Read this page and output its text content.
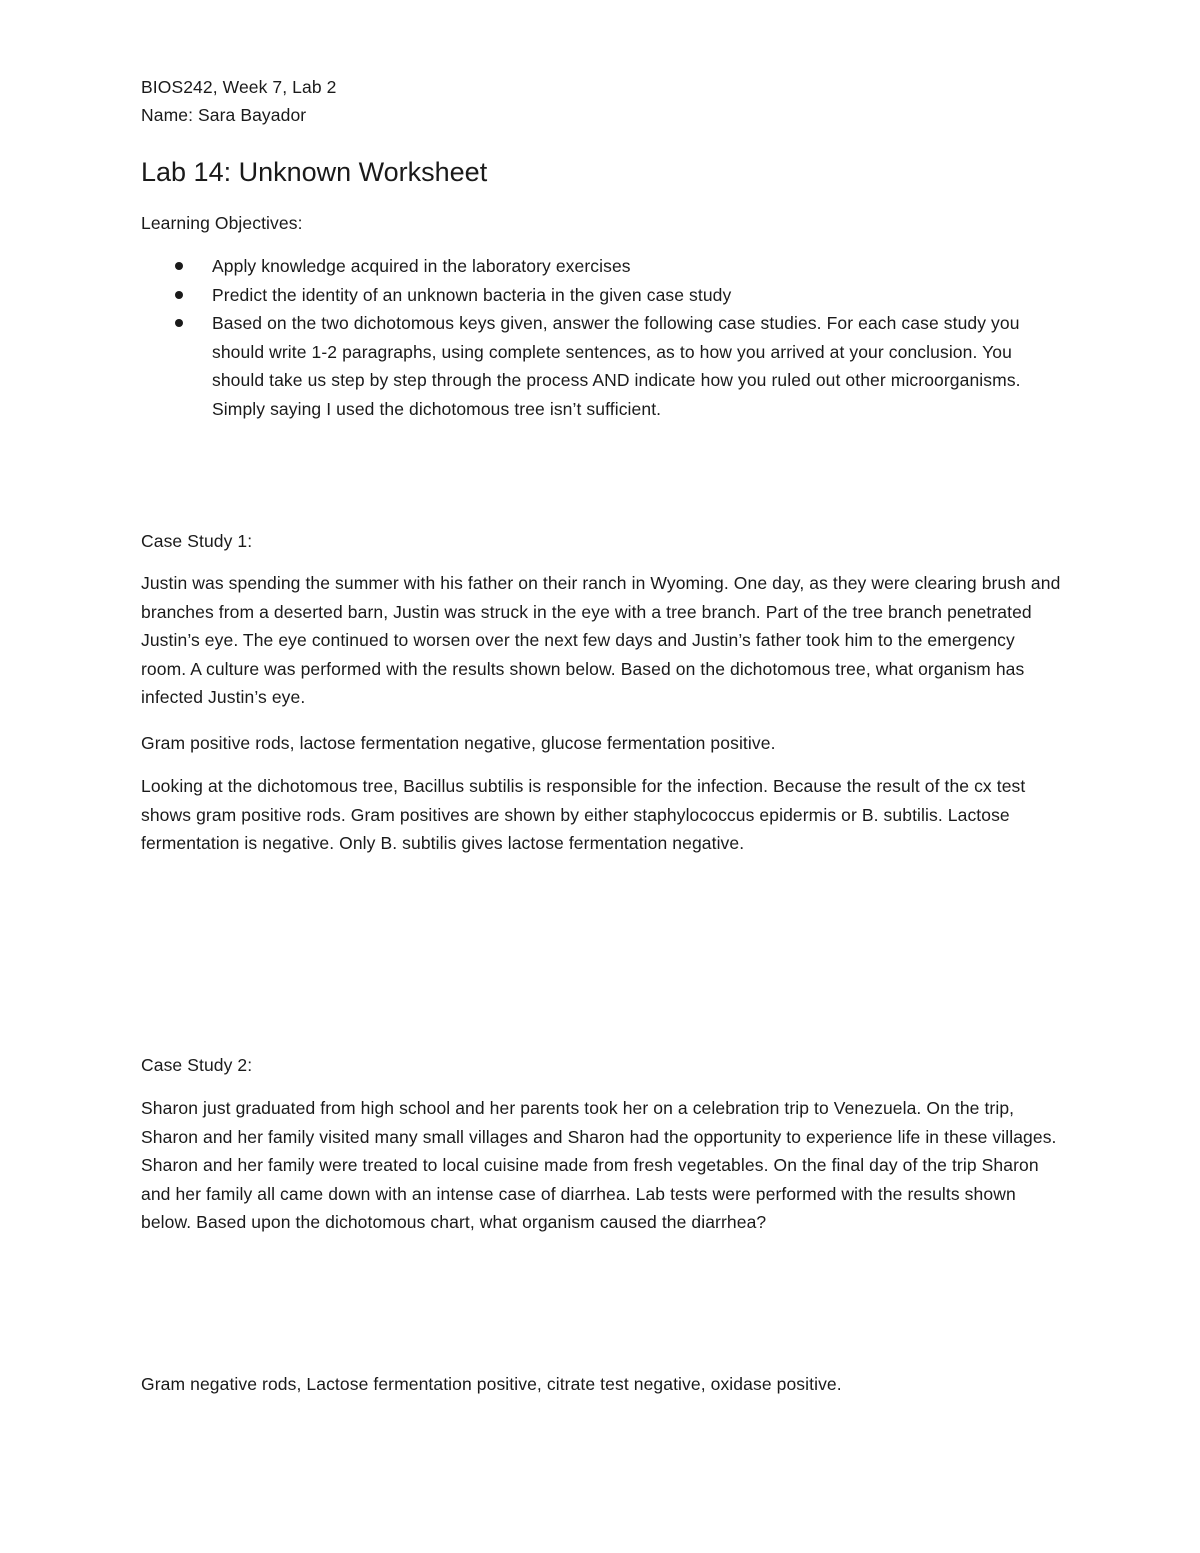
BIOS242, Week 7, Lab 2
Name: Sara Bayador
Lab 14: Unknown Worksheet
Learning Objectives:
Apply knowledge acquired in the laboratory exercises
Predict the identity of an unknown bacteria in the given case study
Based on the two dichotomous keys given, answer the following case studies. For each case study you should write 1-2 paragraphs, using complete sentences, as to how you arrived at your conclusion. You should take us step by step through the process AND indicate how you ruled out other microorganisms. Simply saying I used the dichotomous tree isn’t sufficient.
Case Study 1:

Justin was spending the summer with his father on their ranch in Wyoming. One day, as they were clearing brush and branches from a deserted barn, Justin was struck in the eye with a tree branch. Part of the tree branch penetrated Justin’s eye. The eye continued to worsen over the next few days and Justin’s father took him to the emergency room. A culture was performed with the results shown below. Based on the dichotomous tree, what organism has infected Justin’s eye.

Gram positive rods, lactose fermentation negative, glucose fermentation positive.

Looking at the dichotomous tree, Bacillus subtilis is responsible for the infection. Because the result of the cx test shows gram positive rods. Gram positives are shown by either staphylococcus epidermis or B. subtilis. Lactose fermentation is negative. Only B. subtilis gives lactose fermentation negative.

Case Study 2:

Sharon just graduated from high school and her parents took her on a celebration trip to Venezuela. On the trip, Sharon and her family visited many small villages and Sharon had the opportunity to experience life in these villages. Sharon and her family were treated to local cuisine made from fresh vegetables. On the final day of the trip Sharon and her family all came down with an intense case of diarrhea. Lab tests were performed with the results shown below. Based upon the dichotomous chart, what organism caused the diarrhea?

Gram negative rods, Lactose fermentation positive, citrate test negative, oxidase positive.
